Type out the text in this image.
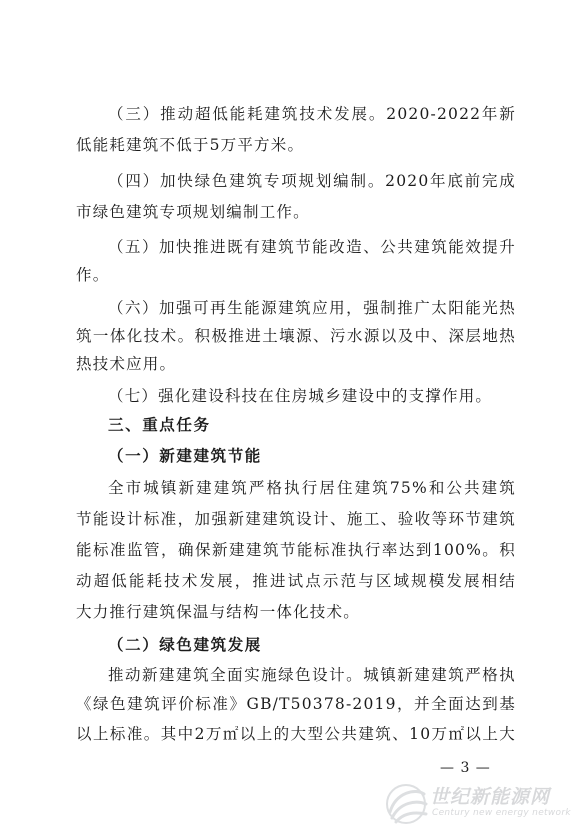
（三）推动超低能耗建筑技术发展。2020-2022年新
低能耗建筑不低于5万平方米。
（四）加快绿色建筑专项规划编制。2020年底前完成
市绿色建筑专项规划编制工作。
（五）加快推进既有建筑节能改造、公共建筑能效提升
作。
（六）加强可再生能源建筑应用，强制推广太阳能光热
筑一体化技术。积极推进土壤源、污水源以及中、深层地热
热技术应用。
（七）强化建设科技在住房城乡建设中的支撑作用。
三、重点任务
（一）新建建筑节能
全市城镇新建建筑严格执行居住建筑75%和公共建筑
节能设计标准，加强新建建筑设计、施工、验收等环节建筑
能标准监管，确保新建建筑节能标准执行率达到100%。积
动超低能耗技术发展，推进试点示范与区域规模发展相结
大力推行建筑保温与结构一体化技术。
（二）绿色建筑发展
推动新建建筑全面实施绿色设计。城镇新建建筑严格执
《绿色建筑评价标准》GB/T50378-2019，并全面达到基
以上标准。其中2万㎡以上的大型公共建筑、10万㎡以上大
— 3 —
世纪新能源网
Century new energy network
